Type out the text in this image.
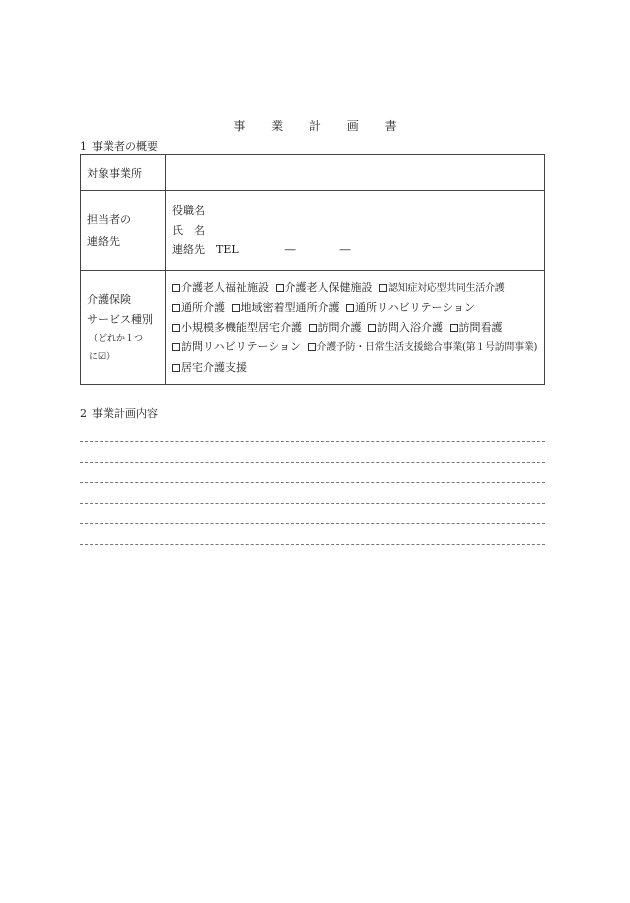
事 業 計 画 書
1 事業者の概要
対象事業所	

担当者の
連絡先	役職名
氏　名
連絡先　TEL ― ―

介護保険
サービス種別
（どれか１つ
に☑）	介護老人福祉施設 介護老人保健施設 認知症対応型共同生活介護
通所介護 地域密着型通所介護 通所リハビリテーション
小規模多機能型居宅介護 訪問介護 訪問入浴介護 訪問看護
訪問リハビリテーション 介護予防・日常生活支援総合事業(第１号訪問事業)
居宅介護支援
2 事業計画内容
